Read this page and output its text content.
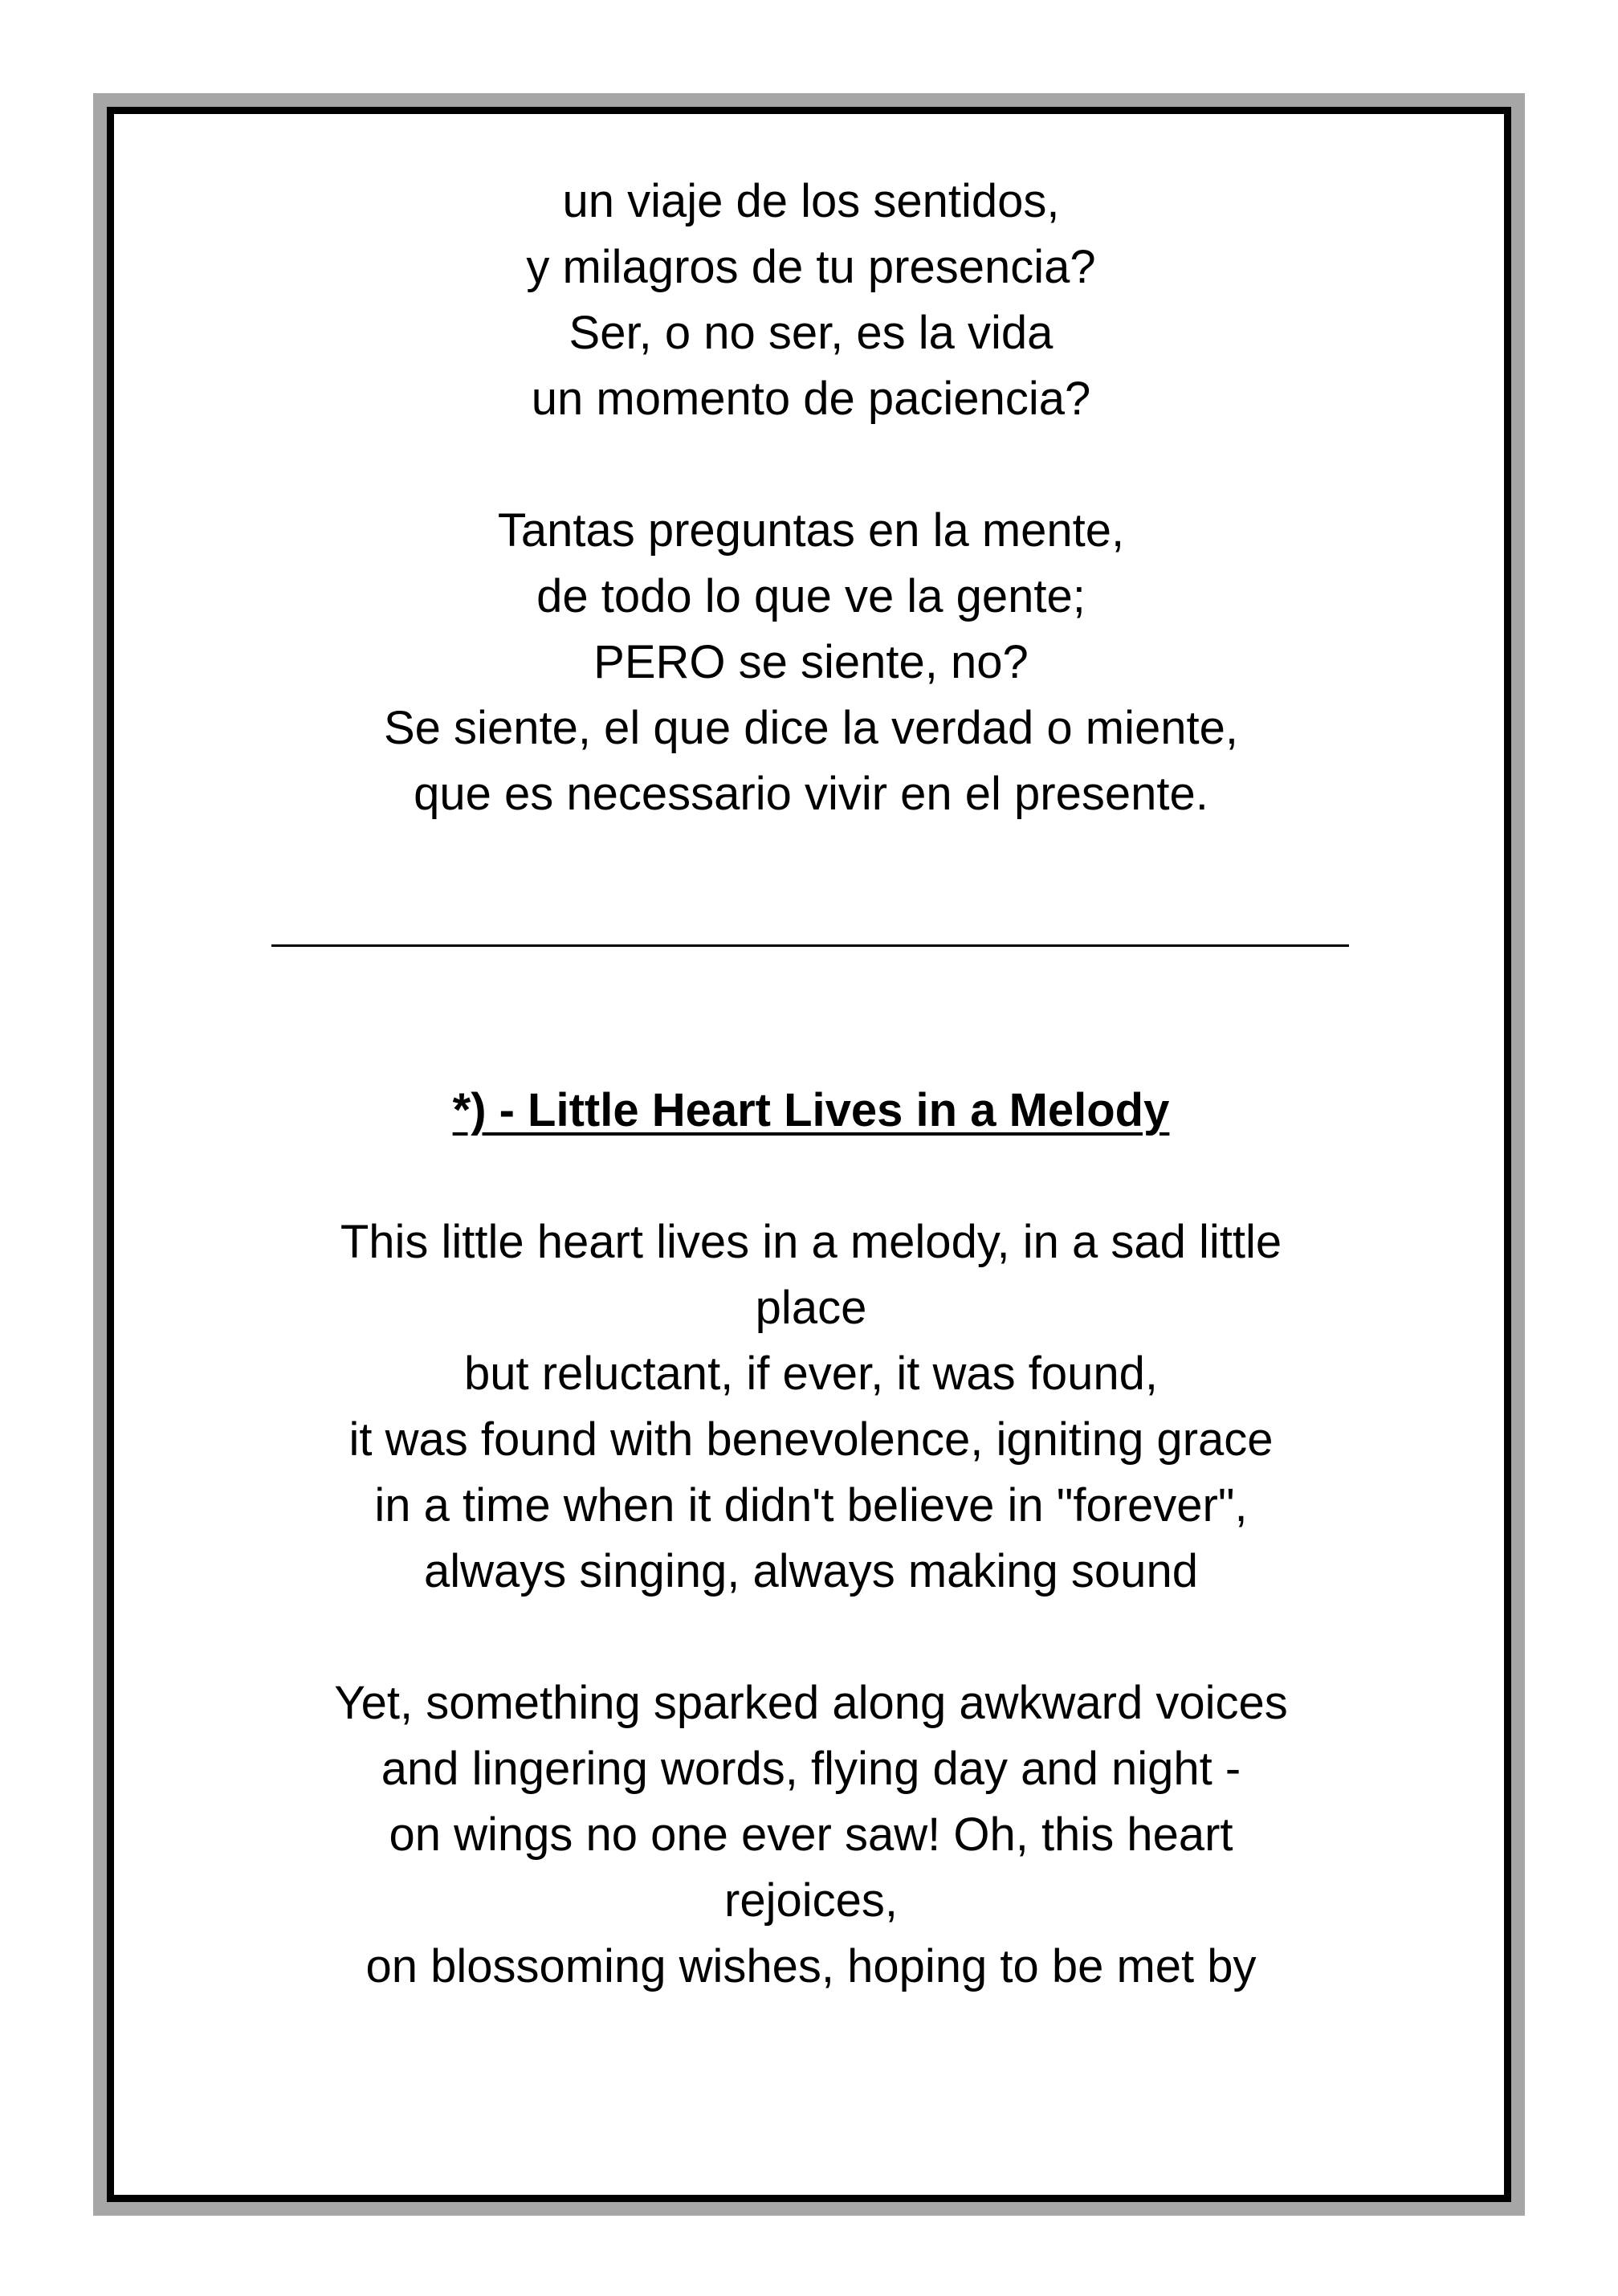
un viaje de los sentidos,
y milagros de tu presencia?
Ser, o no ser, es la vida
un momento de paciencia?

Tantas preguntas en la mente,
de todo lo que ve la gente;
PERO se siente, no?
Se siente, el que dice la verdad o miente,
que es necessario vivir en el presente.

*) - Little Heart Lives in a Melody

This little heart lives in a melody, in a sad little
place
but reluctant, if ever, it was found,
it was found with benevolence, igniting grace
in a time when it didn't believe in "forever",
always singing, always making sound

Yet, something sparked along awkward voices
and lingering words, flying day and night -
on wings no one ever saw! Oh, this heart
rejoices,
on blossoming wishes, hoping to be met by
